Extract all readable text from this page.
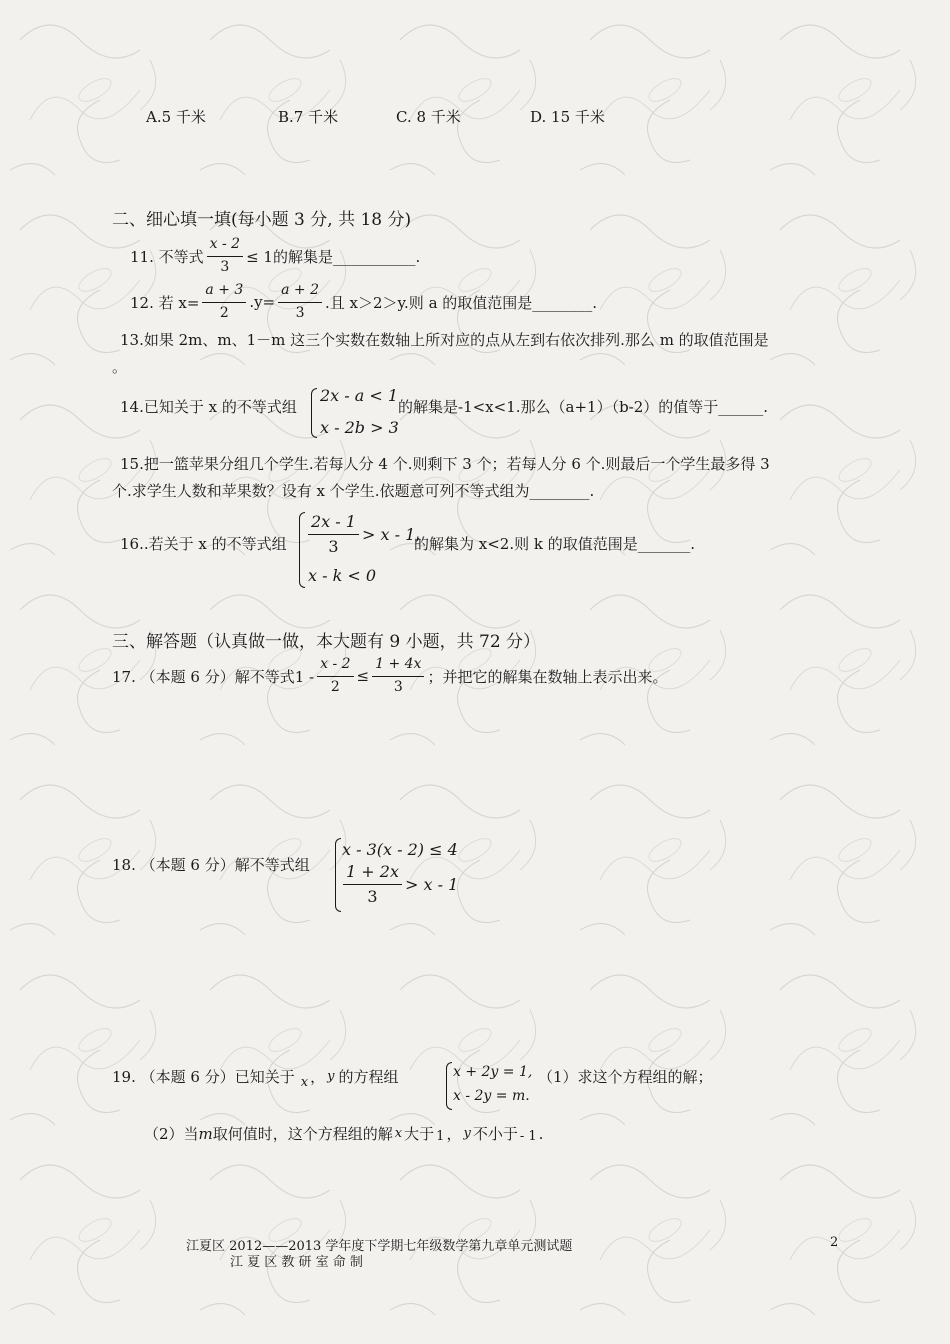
A.5 千米	B.7 千米	C. 8 千米	D. 15 千米
二、细心填一填(每小题 3 分, 共 18 分)
11. 不等式 $\frac{x - 2}{3} \le 1$的解集是___________.
12. 若 $x= \frac{a + 3}{2} .y= \frac{a + 2}{3}$ .且 x＞2＞y.则 a 的取值范围是________.
13.如果 2m、m、1－m 这三个实数在数轴上所对应的点从左到右依次排列.那么 m 的取值范围是
。
14.已知关于 x 的不等式组
2x - a < 1
x - 2b > 3
的解集是-1<x<1.那么（a+1）（b-2）的值等于______.
15.把一篮苹果分组几个学生.若每人分 4 个.则剩下 3 个；若每人分 6 个.则最后一个学生最多得 3
个.求学生人数和苹果数？设有 x 个学生.依题意可列不等式组为________.
16..若关于 x 的不等式组 $\frac{2x - 1}{3} > x - 1$,
x - k < 0
的解集为 x<2.则 k 的取值范围是_______.
三、解答题（认真做一做，本大题有 9 小题，共 72 分）
17. （本题 6 分）解不等式$1 - \frac{x - 2}{2} \le \frac{1 + 4x}{3}$ ；并把它的解集在数轴上表示出来。
18. （本题 6 分）解不等式组
x - 3(x - 2) ≤ 4
$\frac{1 + 2x}{3} > x - 1$
19. （本题 6 分）已知关于 x ， y 的方程组	x + 2y = 1,
x - 2y = m.
（1）求这个方程组的解；
（2）当 m 取何值时，这个方程组的解 x 大于 1 ， y 不小于 - 1 .
江夏区 2012——2013 学年度下学期七年级数学第九章单元测试题
江 夏 区 教 研 室 命 制
2
